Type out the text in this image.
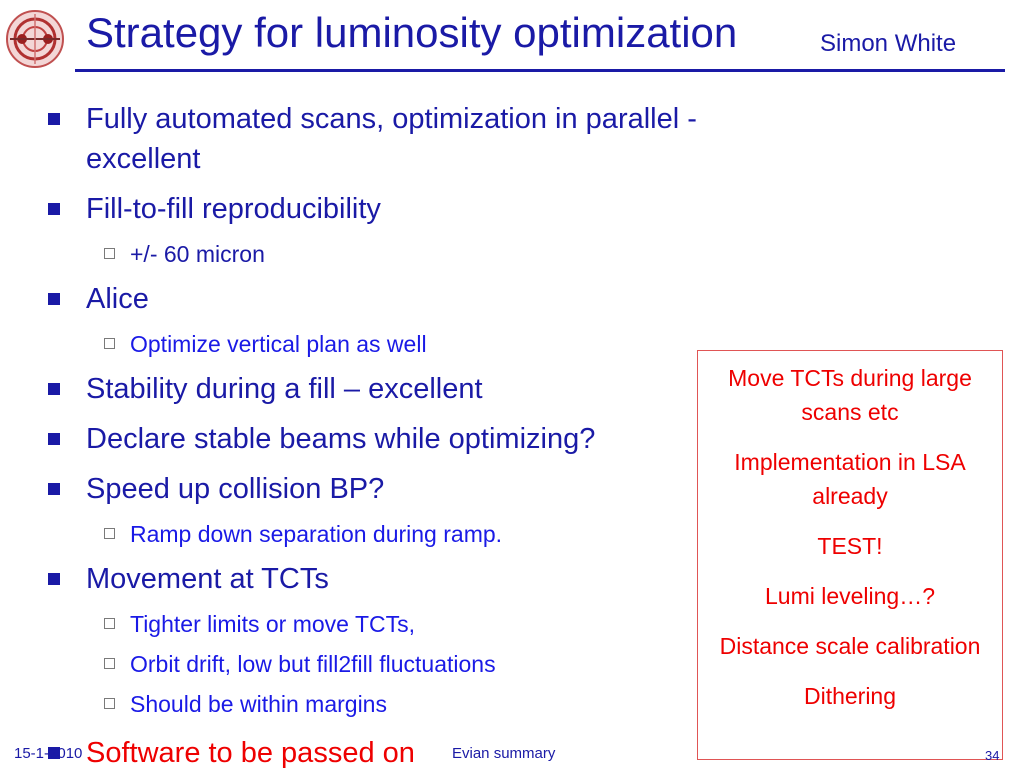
Strategy for luminosity optimization	Simon White
Fully automated scans, optimization in parallel -
excellent
Fill-to-fill reproducibility
+/- 60 micron
Alice
Optimize vertical plan as well
Stability during a fill – excellent
Declare stable beams while optimizing?
Speed up collision BP?
Ramp down separation during ramp.
Movement at TCTs
Tighter limits or move TCTs,
Orbit drift, low but fill2fill fluctuations
Should be within margins
Software to be passed on

Move TCTs during large scans etc

Implementation in LSA already

TEST!

Lumi leveling…?

Distance scale calibration

Dithering

15-1-2010	Evian summary	34
